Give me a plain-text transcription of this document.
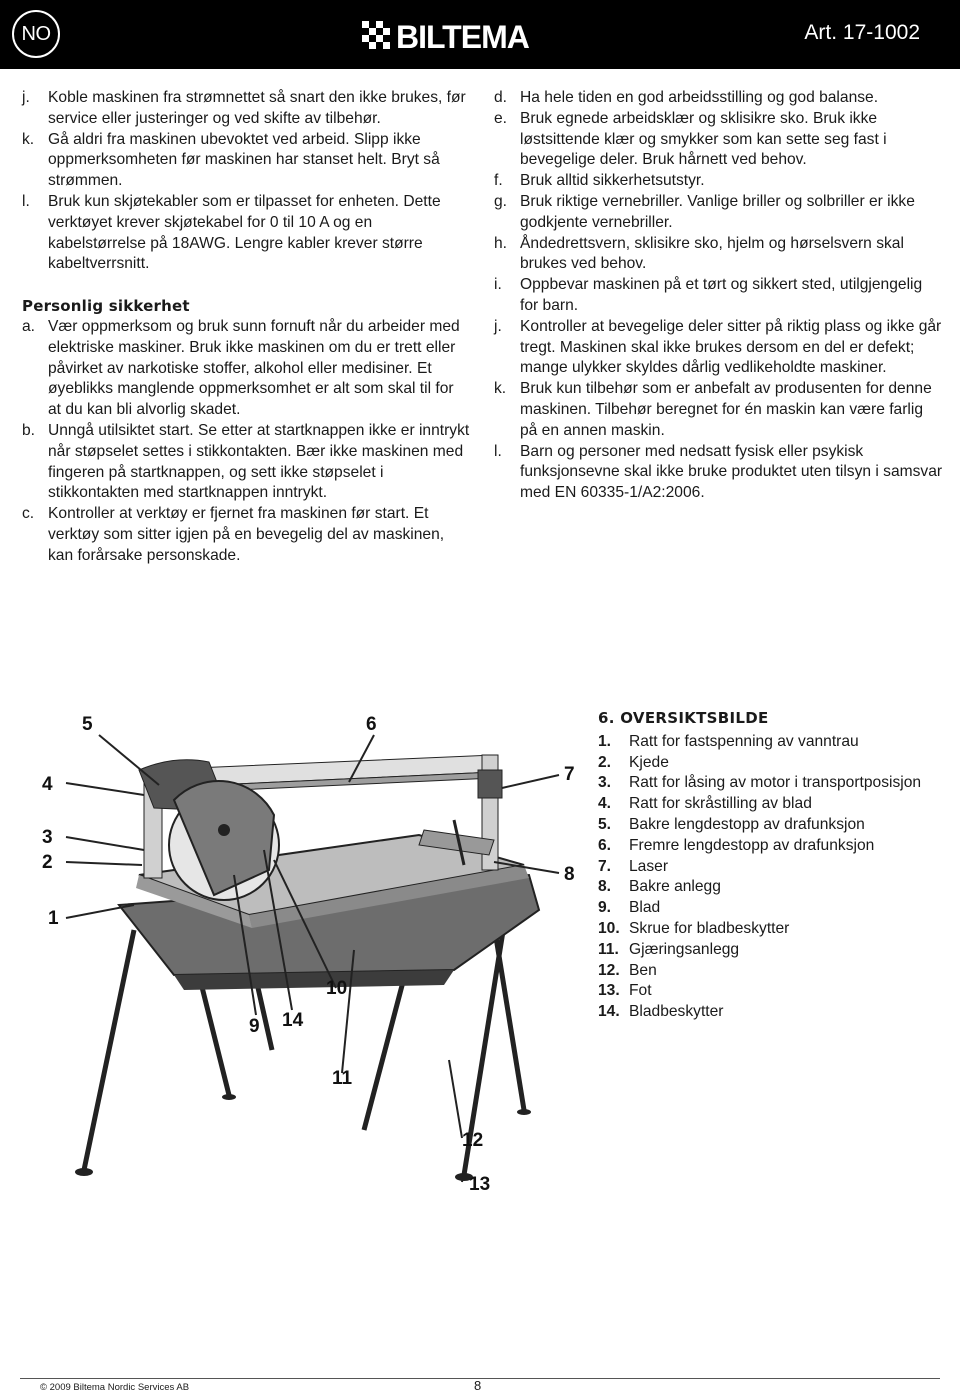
NO	BILTEMA	Art. 17-1002
j.	Koble maskinen fra strømnettet så snart den ikke brukes, før service eller justeringer og ved skifte av tilbehør.
k. Gå aldri fra maskinen ubevoktet ved arbeid. Slipp ikke oppmerksomheten før maskinen har stanset helt. Bryt så strømmen.
l.	Bruk kun skjøtekabler som er tilpasset for enheten. Dette verktøyet krever skjøtekabel for 0 til 10 A og en kabelstørrelse på 18AWG. Lengre kabler krever større kabeltverrsnitt.
Personlig sikkerhet
a. Vær oppmerksom og bruk sunn fornuft når du arbeider med elektriske maskiner. Bruk ikke maskinen om du er trett eller påvirket av narkotiske stoffer, alkohol eller medisiner. Et øyeblikks manglende oppmerksomhet er alt som skal til for at du kan bli alvorlig skadet.
b. Unngå utilsiktet start. Se etter at startknappen ikke er inntrykt når støpselet settes i stikkontakten. Bær ikke maskinen med fingeren på startknappen, og sett ikke støpselet i stikkontakten med startknappen inntrykt.
c. Kontroller at verktøy er fjernet fra maskinen før start. Et verktøy som sitter igjen på en bevegelig del av maskinen, kan forårsake personskade.
d. Ha hele tiden en god arbeidsstilling og god balanse.
e. Bruk egnede arbeidsklær og sklisikre sko. Bruk ikke løstsittende klær og smykker som kan sette seg fast i bevegelige deler. Bruk hårnett ved behov.
f.	Bruk alltid sikkerhetsutstyr.
g. Bruk riktige vernebriller. Vanlige briller og solbriller er ikke godkjente vernebriller.
h. Åndedrettsvern, sklisikre sko, hjelm og hørselsvern skal brukes ved behov.
i.	Oppbevar maskinen på et tørt og sikkert sted, utilgjengelig for barn.
j.	Kontroller at bevegelige deler sitter på riktig plass og ikke går tregt. Maskinen skal ikke brukes dersom en del er defekt; mange ulykker skyldes dårlig vedlikeholdte maskiner.
k. Bruk kun tilbehør som er anbefalt av produsenten for denne maskinen. Tilbehør beregnet for én maskin kan være farlig på en annen maskin.
l.	Barn og personer med nedsatt fysisk eller psykisk funksjonsevne skal ikke bruke produktet uten tilsyn i samsvar med EN 60335-1/A2:2006.
1
2
3
4
5	6
7
8
9
10
11
12
13
14
6. OVERSIKTSBILDE
1.	Ratt for fastspenning av vanntrau
2.	Kjede
3.	Ratt for låsing av motor i transportposisjon
4.	Ratt for skråstilling av blad
5.	Bakre lengdestopp av drafunksjon
6.	Fremre lengdestopp av drafunksjon
7.	Laser
8.	Bakre anlegg
9.	Blad
10. Skrue for bladbeskytter
11. Gjæringsanlegg
12. Ben
13. Fot
14. Bladbeskytter
© 2009 Biltema Nordic Services AB	8
